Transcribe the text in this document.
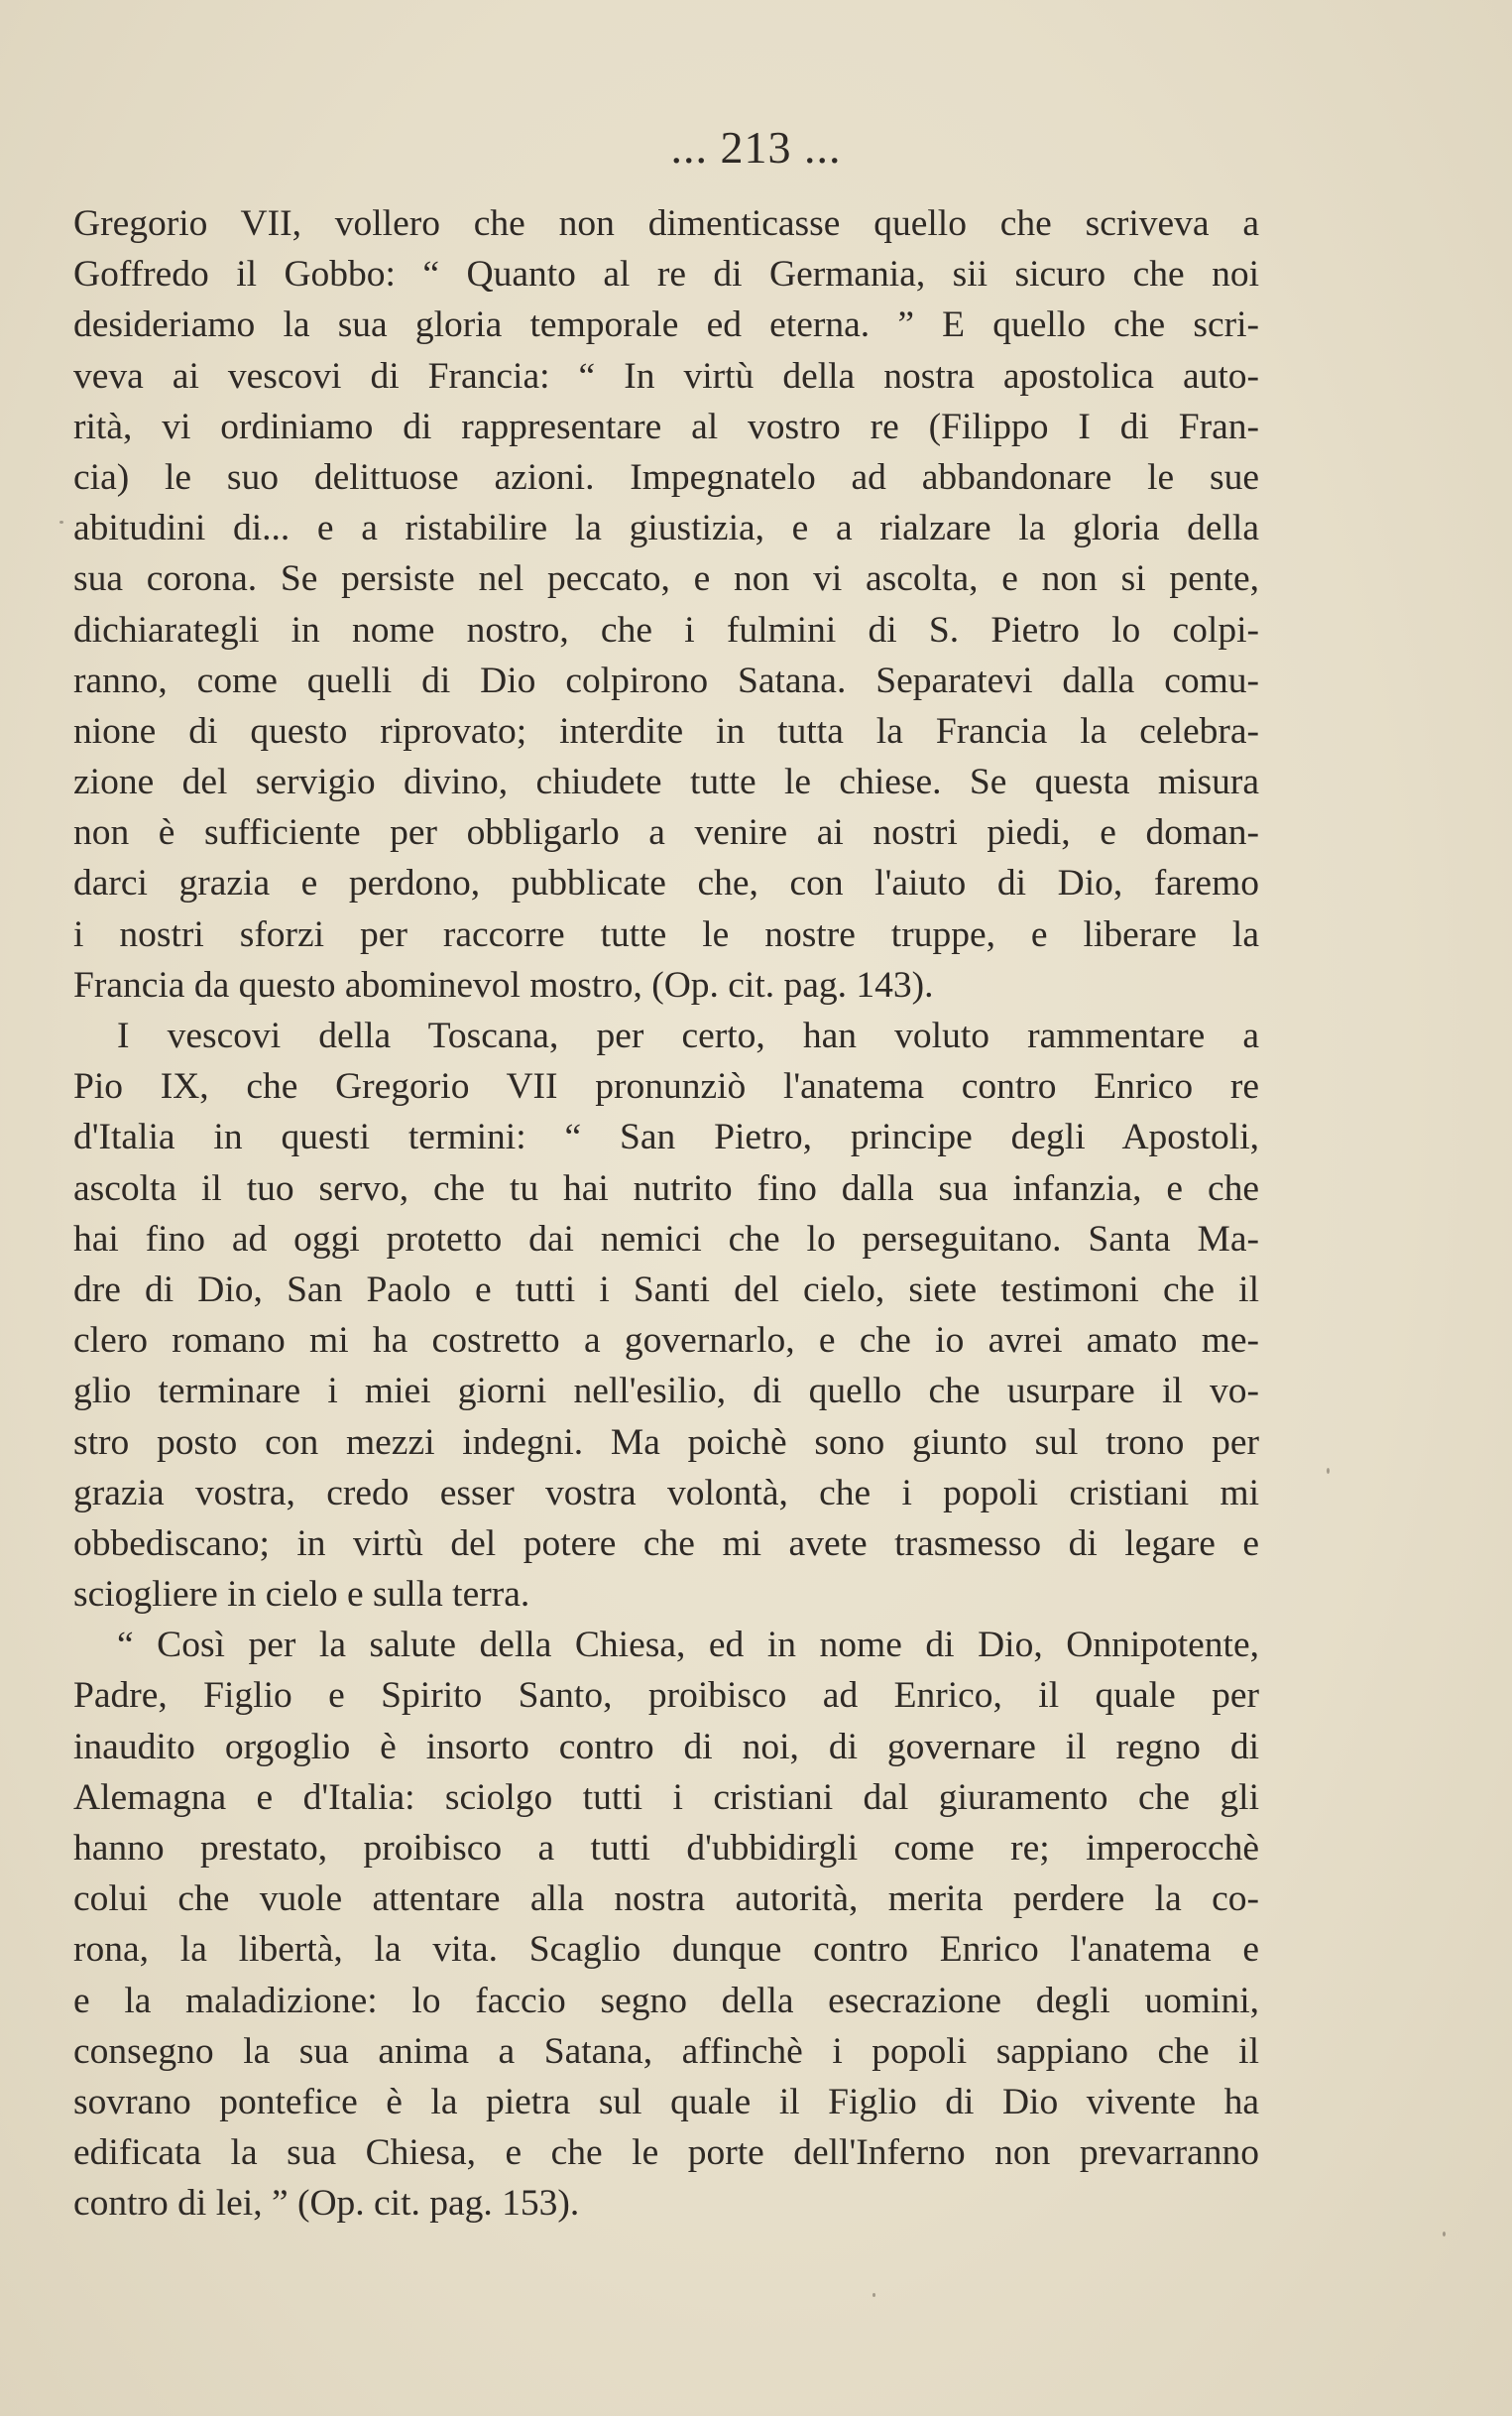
... 213 ...
Gregorio VII, vollero che non dimenticasse quello che scriveva a
Goffredo il Gobbo: “ Quanto al re di Germania, sii sicuro che noi
desideriamo la sua gloria temporale ed eterna. ” E quello che scri-
veva ai vescovi di Francia: “ In virtù della nostra apostolica auto-
rità, vi ordiniamo di rappresentare al vostro re (Filippo I di Fran-
cia) le suo delittuose azioni. Impegnatelo ad abbandonare le sue
abitudini di... e a ristabilire la giustizia, e a rialzare la gloria della
sua corona. Se persiste nel peccato, e non vi ascolta, e non si pente,
dichiarategli in nome nostro, che i fulmini di S. Pietro lo colpi-
ranno, come quelli di Dio colpirono Satana. Separatevi dalla comu-
nione di questo riprovato; interdite in tutta la Francia la celebra-
zione del servigio divino, chiudete tutte le chiese. Se questa misura
non è sufficiente per obbligarlo a venire ai nostri piedi, e doman-
darci grazia e perdono, pubblicate che, con l'aiuto di Dio, faremo
i nostri sforzi per raccorre tutte le nostre truppe, e liberare la
Francia da questo abominevol mostro, (Op. cit. pag. 143).
I vescovi della Toscana, per certo, han voluto rammentare a
Pio IX, che Gregorio VII pronunziò l'anatema contro Enrico re
d'Italia in questi termini: “ San Pietro, principe degli Apostoli,
ascolta il tuo servo, che tu hai nutrito fino dalla sua infanzia, e che
hai fino ad oggi protetto dai nemici che lo perseguitano. Santa Ma-
dre di Dio, San Paolo e tutti i Santi del cielo, siete testimoni che il
clero romano mi ha costretto a governarlo, e che io avrei amato me-
glio terminare i miei giorni nell'esilio, di quello che usurpare il vo-
stro posto con mezzi indegni. Ma poichè sono giunto sul trono per
grazia vostra, credo esser vostra volontà, che i popoli cristiani mi
obbediscano; in virtù del potere che mi avete trasmesso di legare e
sciogliere in cielo e sulla terra.
“ Così per la salute della Chiesa, ed in nome di Dio, Onnipotente,
Padre, Figlio e Spirito Santo, proibisco ad Enrico, il quale per
inaudito orgoglio è insorto contro di noi, di governare il regno di
Alemagna e d'Italia: sciolgo tutti i cristiani dal giuramento che gli
hanno prestato, proibisco a tutti d'ubbidirgli come re; imperocchè
colui che vuole attentare alla nostra autorità, merita perdere la co-
rona, la libertà, la vita. Scaglio dunque contro Enrico l'anatema e
e la maladizione: lo faccio segno della esecrazione degli uomini,
consegno la sua anima a Satana, affinchè i popoli sappiano che il
sovrano pontefice è la pietra sul quale il Figlio di Dio vivente ha
edificata la sua Chiesa, e che le porte dell'Inferno non prevarranno
contro di lei, ” (Op. cit. pag. 153).
